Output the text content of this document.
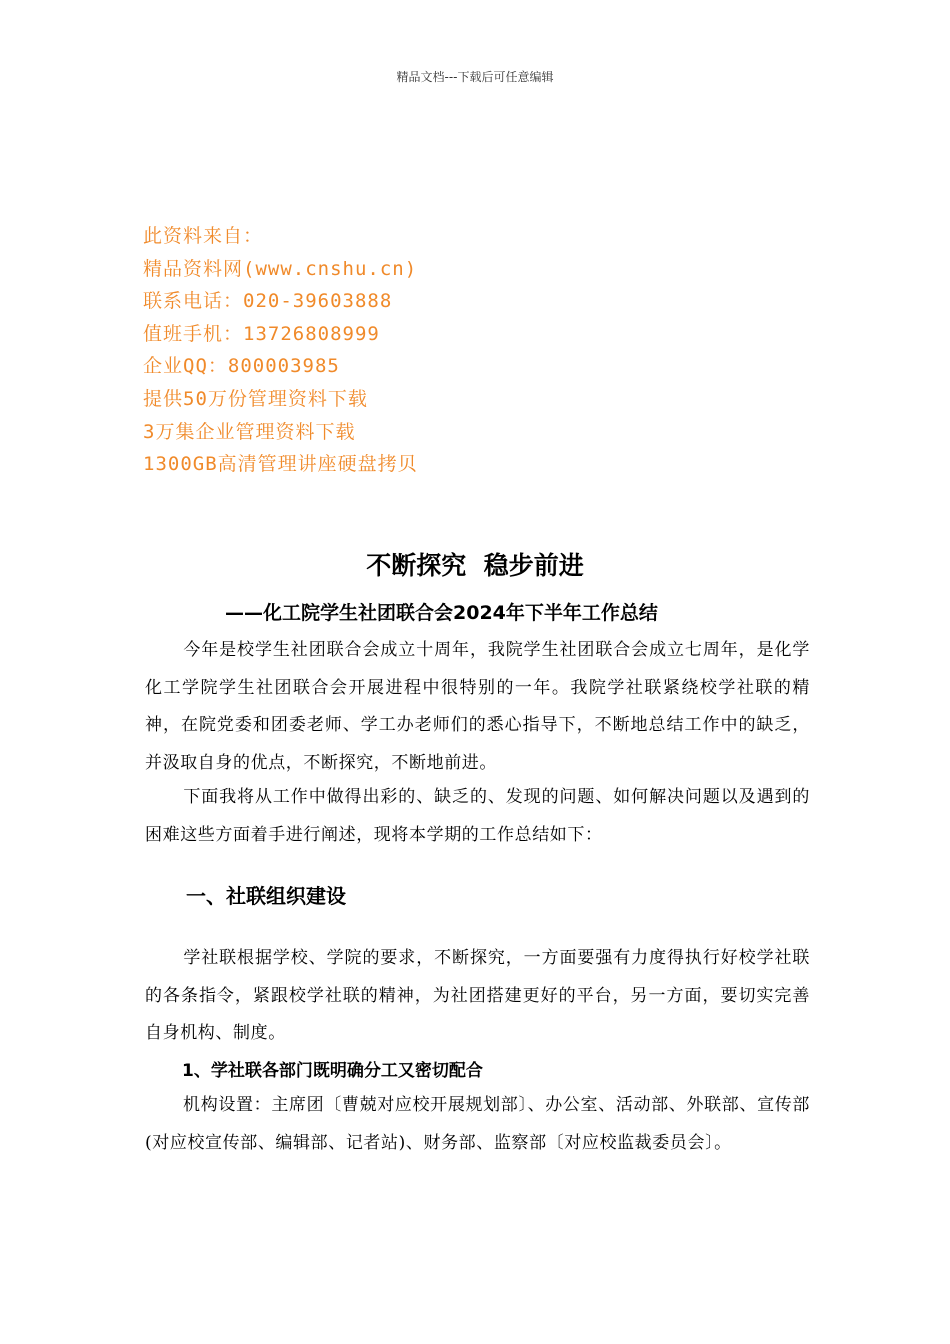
精品文档---下载后可任意编辑
此资料来自：
精品资料网(www.cnshu.cn)
联系电话：020-39603888
值班手机：13726808999
企业QQ：800003985
提供50万份管理资料下载
3万集企业管理资料下载
1300GB高清管理讲座硬盘拷贝
不断探究  稳步前进
——化工院学生社团联合会2024年下半年工作总结
今年是校学生社团联合会成立十周年，我院学生社团联合会成立七周年，是化学化工学院学生社团联合会开展进程中很特别的一年。我院学社联紧绕校学社联的精神，在院党委和团委老师、学工办老师们的悉心指导下，不断地总结工作中的缺乏，并汲取自身的优点，不断探究，不断地前进。
下面我将从工作中做得出彩的、缺乏的、发现的问题、如何解决问题以及遇到的困难这些方面着手进行阐述，现将本学期的工作总结如下：
一、社联组织建设
学社联根据学校、学院的要求，不断探究，一方面要强有力度得执行好校学社联的各条指令，紧跟校学社联的精神，为社团搭建更好的平台，另一方面，要切实完善自身机构、制度。
1、学社联各部门既明确分工又密切配合
机构设置：主席团〔曹兢对应校开展规划部〕、办公室、活动部、外联部、宣传部(对应校宣传部、编辑部、记者站)、财务部、监察部〔对应校监裁委员会〕。
